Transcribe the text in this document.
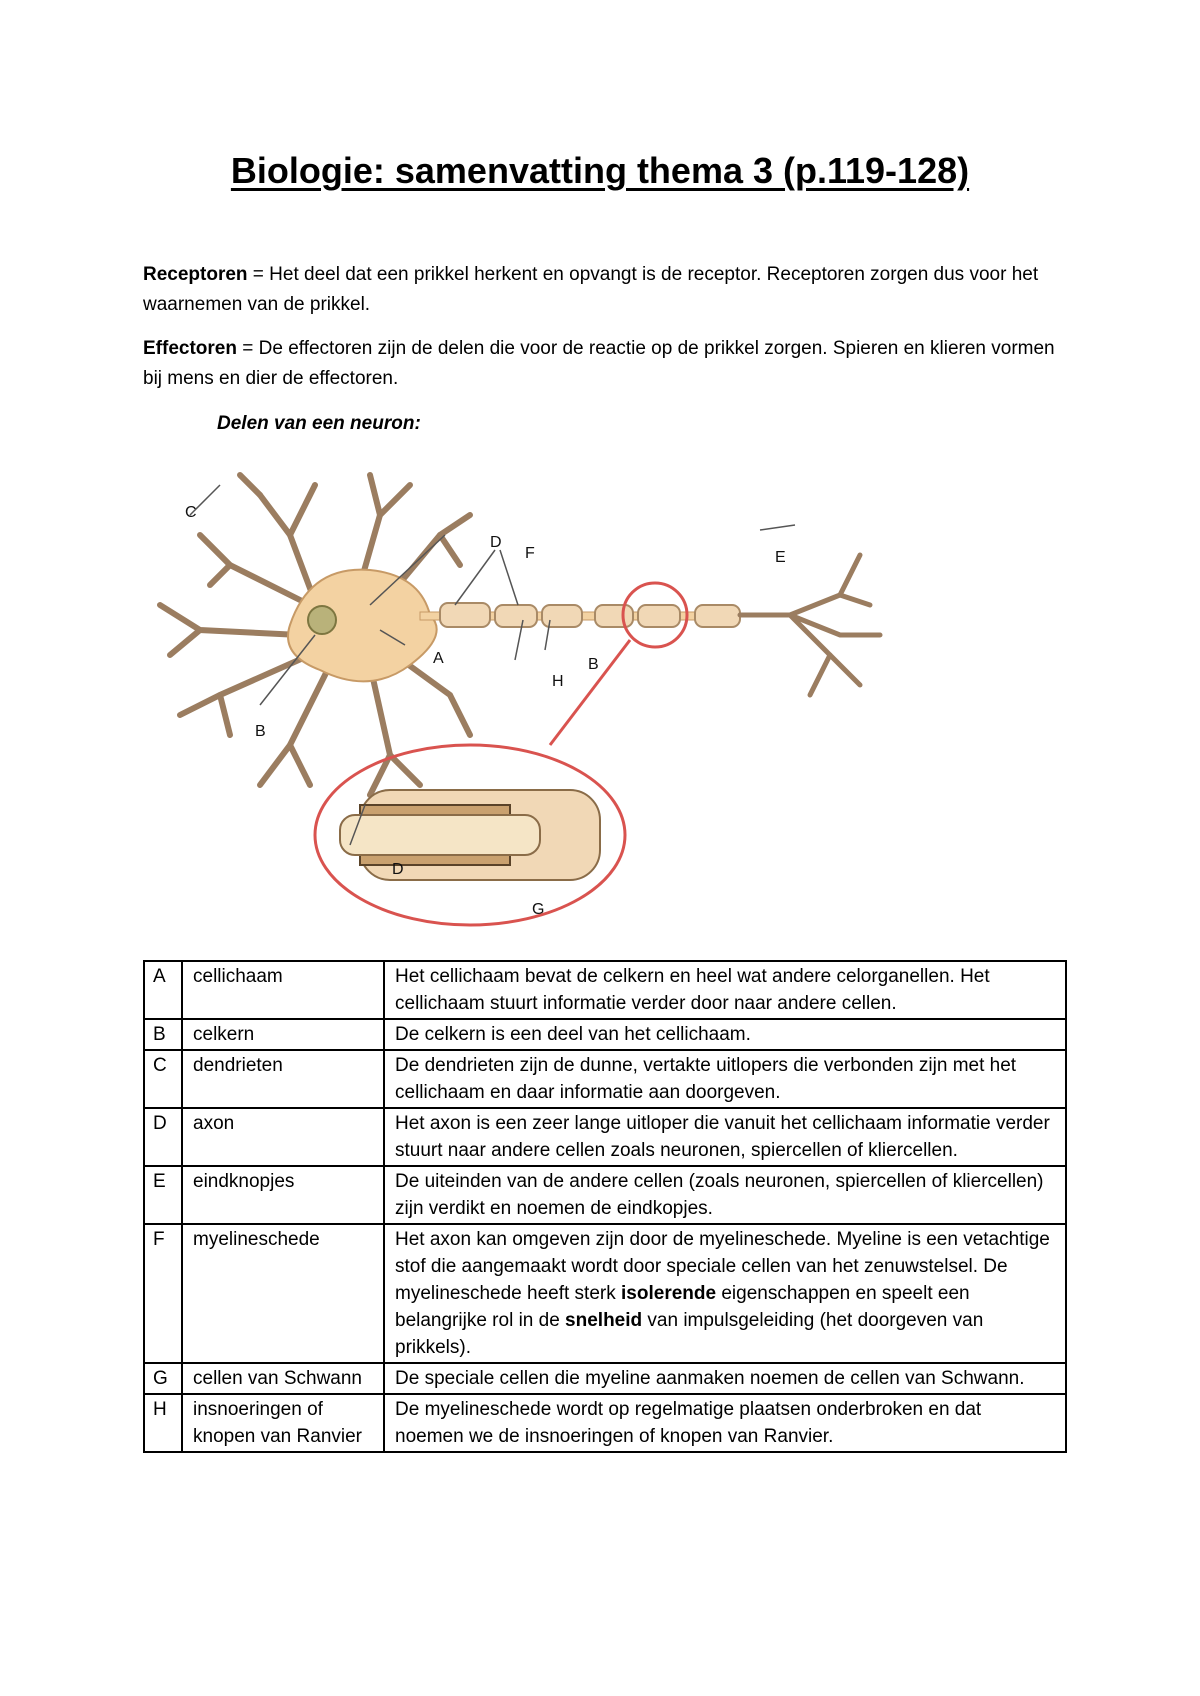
Biologie: samenvatting thema 3 (p.119-128)
Receptoren = Het deel dat een prikkel herkent en opvangt is de receptor. Receptoren zorgen dus voor het waarnemen van de prikkel.
Effectoren = De effectoren zijn de delen die voor de reactie op de prikkel zorgen. Spieren en klieren vormen bij mens en dier de effectoren.
Delen van een neuron:
C
D
F	E
A
H
B
B
D
G
A	cellichaam	Het cellichaam bevat de celkern en heel wat andere celorganellen. Het cellichaam stuurt informatie verder door naar andere cellen.
B	celkern	De celkern is een deel van het cellichaam.
C	dendrieten	De dendrieten zijn de dunne, vertakte uitlopers die verbonden zijn met het cellichaam en daar informatie aan doorgeven.
D	axon	Het axon is een zeer lange uitloper die vanuit het cellichaam informatie verder stuurt naar andere cellen zoals neuronen, spiercellen of kliercellen.
E	eindknopjes	De uiteinden van de andere cellen (zoals neuronen, spiercellen of kliercellen) zijn verdikt en noemen de eindkopjes.
F	myelineschede	Het axon kan omgeven zijn door de myelineschede. Myeline is een vetachtige stof die aangemaakt wordt door speciale cellen van het zenuwstelsel. De myelineschede heeft sterk isolerende eigenschappen en speelt een belangrijke rol in de snelheid van impulsgeleiding (het doorgeven van prikkels).
G	cellen van Schwann	De speciale cellen die myeline aanmaken noemen de cellen van Schwann.
H	insnoeringen of knopen van Ranvier	De myelineschede wordt op regelmatige plaatsen onderbroken en dat noemen we de insnoeringen of knopen van Ranvier.
